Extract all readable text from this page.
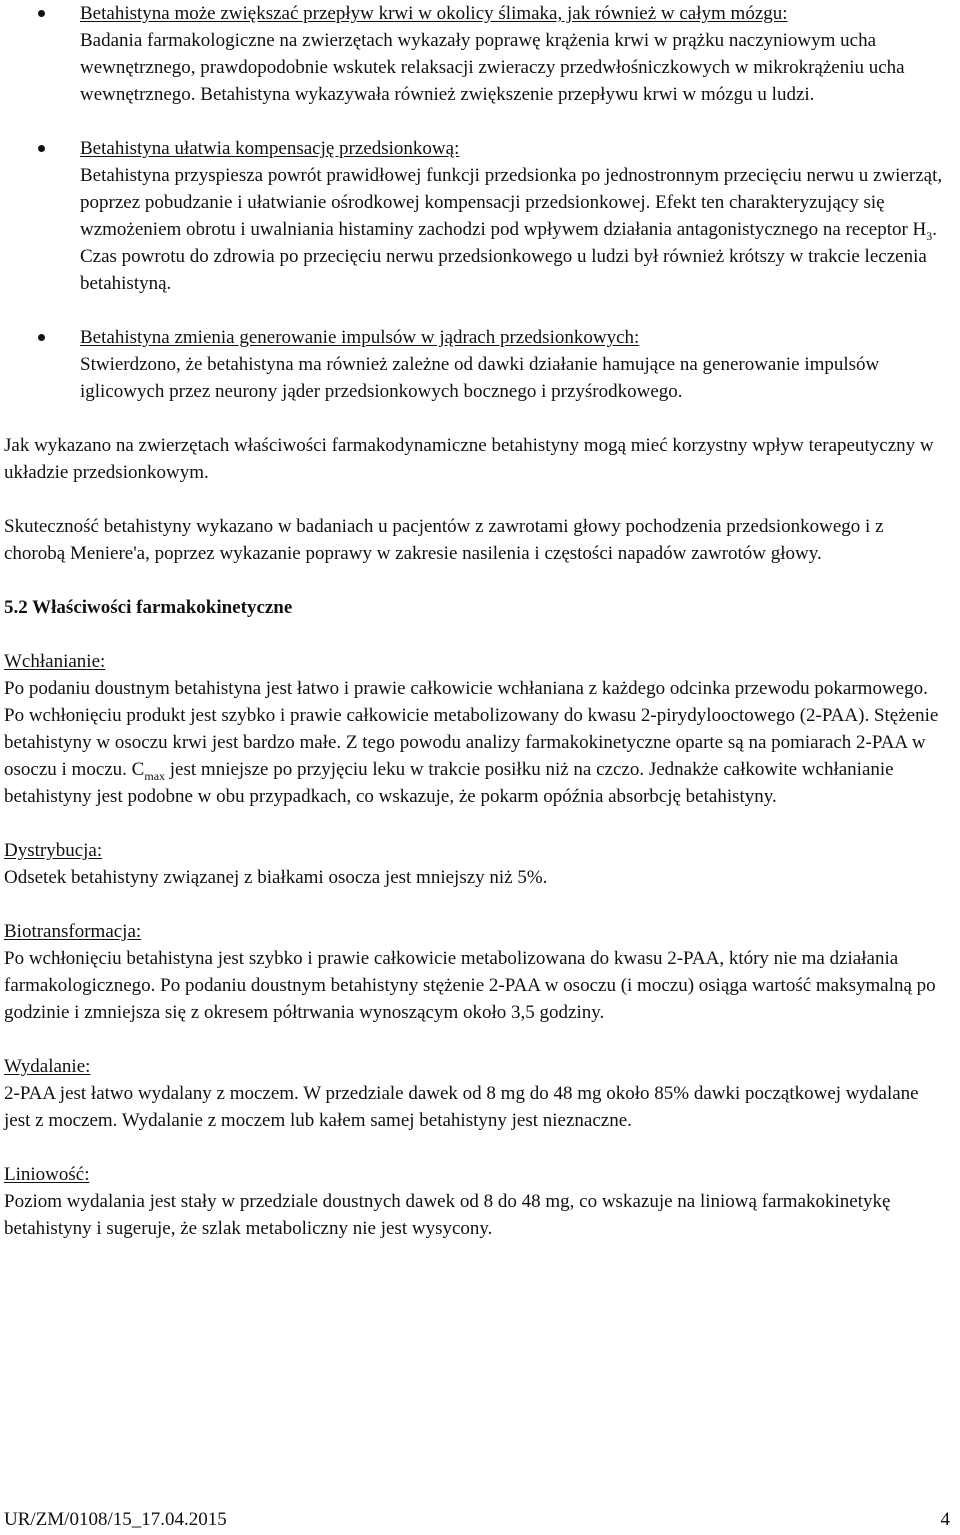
Betahistyna może zwiększać przepływ krwi w okolicy ślimaka, jak również w całym mózgu:
Badania farmakologiczne na zwierzętach wykazały poprawę krążenia krwi w prążku naczyniowym ucha wewnętrznego, prawdopodobnie wskutek relaksacji zwieraczy przedwłośniczkowych w mikrokrążeniu ucha wewnętrznego. Betahistyna wykazywała również zwiększenie przepływu krwi w mózgu u ludzi.
Betahistyna ułatwia kompensację przedsionkową:
Betahistyna przyspiesza powrót prawidłowej funkcji przedsionka po jednostronnym przecięciu nerwu u zwierząt, poprzez pobudzanie i ułatwianie ośrodkowej kompensacji przedsionkowej. Efekt ten charakteryzujący się wzmożeniem obrotu i uwalniania histaminy zachodzi pod wpływem działania antagonistycznego na receptor $H_3$. Czas powrotu do zdrowia po przecięciu nerwu przedsionkowego u ludzi był również krótszy w trakcie leczenia betahistyną.
Betahistyna zmienia generowanie impulsów w jądrach przedsionkowych:
Stwierdzono, że betahistyna ma również zależne od dawki działanie hamujące na generowanie impulsów iglicowych przez neurony jąder przedsionkowych bocznego i przyśrodkowego.

Jak wykazano na zwierzętach właściwości farmakodynamiczne betahistyny mogą mieć korzystny wpływ terapeutyczny w układzie przedsionkowym.

Skuteczność betahistyny wykazano w badaniach u pacjentów z zawrotami głowy pochodzenia przedsionkowego i z chorobą Meniere'a, poprzez wykazanie poprawy w zakresie nasilenia i częstości napadów zawrotów głowy.

5.2 Właściwości farmakokinetyczne
Wchłanianie:
Po podaniu doustnym betahistyna jest łatwo i prawie całkowicie wchłaniana z każdego odcinka przewodu pokarmowego. Po wchłonięciu produkt jest szybko i prawie całkowicie metabolizowany do kwasu 2-pirydylooctowego (2-PAA). Stężenie betahistyny w osoczu krwi jest bardzo małe. Z tego powodu analizy farmakokinetyczne oparte są na pomiarach 2-PAA w osoczu i moczu. $C_{max}$ jest mniejsze po przyjęciu leku w trakcie posiłku niż na czczo. Jednakże całkowite wchłanianie betahistyny jest podobne w obu przypadkach, co wskazuje, że pokarm opóźnia absorbcję betahistyny.
Dystrybucja:
Odsetek betahistyny związanej z białkami osocza jest mniejszy niż 5%.
Biotransformacja:
Po wchłonięciu betahistyna jest szybko i prawie całkowicie metabolizowana do kwasu 2-PAA, który nie ma działania farmakologicznego. Po podaniu doustnym betahistyny stężenie 2-PAA w osoczu (i moczu) osiąga wartość maksymalną po godzinie i zmniejsza się z okresem półtrwania wynoszącym około 3,5 godziny.
Wydalanie:
2-PAA jest łatwo wydalany z moczem. W przedziale dawek od 8 mg do 48 mg około 85% dawki początkowej wydalane jest z moczem. Wydalanie z moczem lub kałem samej betahistyny jest nieznaczne.
Liniowość:
Poziom wydalania jest stały w przedziale doustnych dawek od 8 do 48 mg, co wskazuje na liniową farmakokinetykę betahistyny i sugeruje, że szlak metaboliczny nie jest wysycony.
UR/ZM/0108/15_17.04.2015	4
